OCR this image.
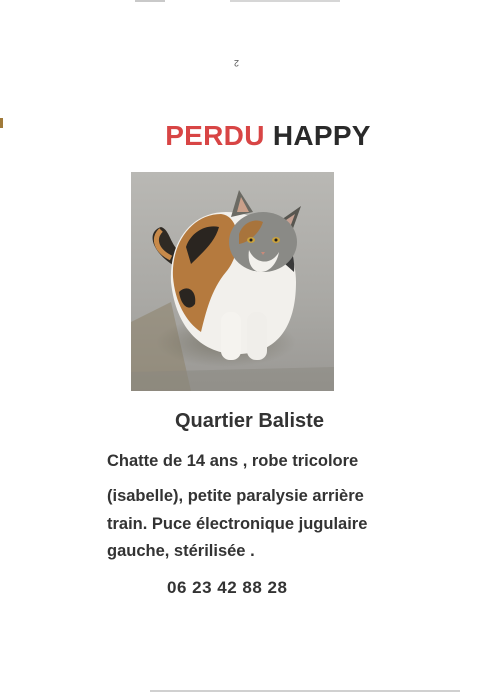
2
PERDU HAPPY
Quartier Baliste
Chatte de 14 ans , robe tricolore
(isabelle), petite paralysie arrière
train. Puce électronique jugulaire
gauche, stérilisée .
06 23 42 88 28
